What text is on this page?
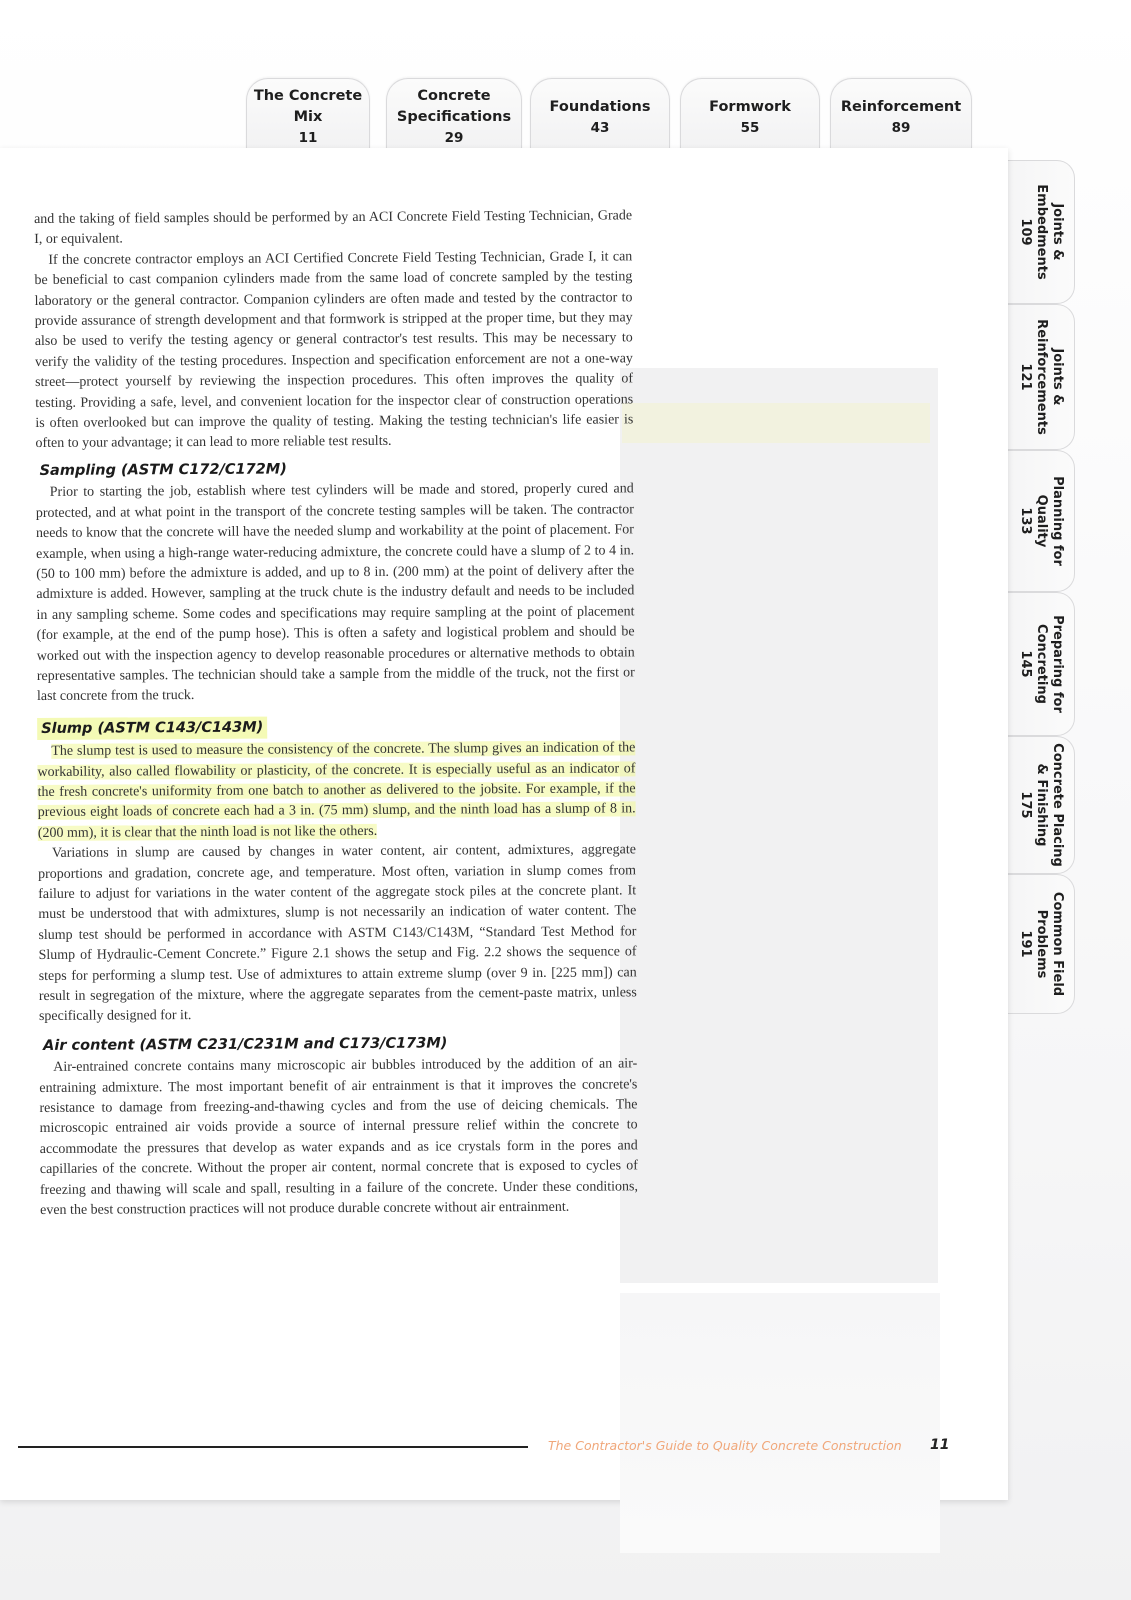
The Concrete
Mix
11
Concrete
Specifications
29
Foundations
43
Formwork
55
Reinforcement
89
Joints &
Embedments
109
Joints &
Reinforcements
121
Planning for
Quality
133
Preparing for
Concreting
145
Concrete Placing
& Finishing
175
Common Field
Problems
191

and the taking of field samples should be performed by an ACI Concrete Field Testing Technician, Grade I, or equivalent.

If the concrete contractor employs an ACI Certified Concrete Field Testing Technician, Grade I, it can be beneficial to cast companion cylinders made from the same load of concrete sampled by the testing laboratory or the general contractor. Companion cylinders are often made and tested by the contractor to provide assurance of strength development and that formwork is stripped at the proper time, but they may also be used to verify the testing agency or general contractor's test results. This may be necessary to verify the validity of the testing procedures. Inspection and specification enforcement are not a one-way street—protect yourself by reviewing the inspection procedures. This often improves the quality of testing. Providing a safe, level, and convenient location for the inspector clear of construction operations is often overlooked but can improve the quality of testing. Making the testing technician's life easier is often to your advantage; it can lead to more reliable test results.

Sampling (ASTM C172/C172M)

Prior to starting the job, establish where test cylinders will be made and stored, properly cured and protected, and at what point in the transport of the concrete testing samples will be taken. The contractor needs to know that the concrete will have the needed slump and workability at the point of placement. For example, when using a high-range water-reducing admixture, the concrete could have a slump of 2 to 4 in. (50 to 100 mm) before the admixture is added, and up to 8 in. (200 mm) at the point of delivery after the admixture is added. However, sampling at the truck chute is the industry default and needs to be included in any sampling scheme. Some codes and specifications may require sampling at the point of placement (for example, at the end of the pump hose). This is often a safety and logistical problem and should be worked out with the inspection agency to develop reasonable procedures or alternative methods to obtain representative samples. The technician should take a sample from the middle of the truck, not the first or last concrete from the truck.

Slump (ASTM C143/C143M)

The slump test is used to measure the consistency of the concrete. The slump gives an indication of the workability, also called flowability or plasticity, of the concrete. It is especially useful as an indicator of the fresh concrete's uniformity from one batch to another as delivered to the jobsite. For example, if the previous eight loads of concrete each had a 3 in. (75 mm) slump, and the ninth load has a slump of 8 in. (200 mm), it is clear that the ninth load is not like the others.

Variations in slump are caused by changes in water content, air content, admixtures, aggregate proportions and gradation, concrete age, and temperature. Most often, variation in slump comes from failure to adjust for variations in the water content of the aggregate stock piles at the concrete plant. It must be understood that with admixtures, slump is not necessarily an indication of water content. The slump test should be performed in accordance with ASTM C143/C143M, “Standard Test Method for Slump of Hydraulic-Cement Concrete.” Figure 2.1 shows the setup and Fig. 2.2 shows the sequence of steps for performing a slump test. Use of admixtures to attain extreme slump (over 9 in. [225 mm]) can result in segregation of the mixture, where the aggregate separates from the cement-paste matrix, unless specifically designed for it.

Air content (ASTM C231/C231M and C173/C173M)

Air-entrained concrete contains many microscopic air bubbles introduced by the addition of an air-entraining admixture. The most important benefit of air entrainment is that it improves the concrete's resistance to damage from freezing-and-thawing cycles and from the use of deicing chemicals. The microscopic entrained air voids provide a source of internal pressure relief within the concrete to accommodate the pressures that develop as water expands and as ice crystals form in the pores and capillaries of the concrete. Without the proper air content, normal concrete that is exposed to cycles of freezing and thawing will scale and spall, resulting in a failure of the concrete. Under these conditions, even the best construction practices will not produce durable concrete without air entrainment.

The Contractor's Guide to Quality Concrete Construction 11
